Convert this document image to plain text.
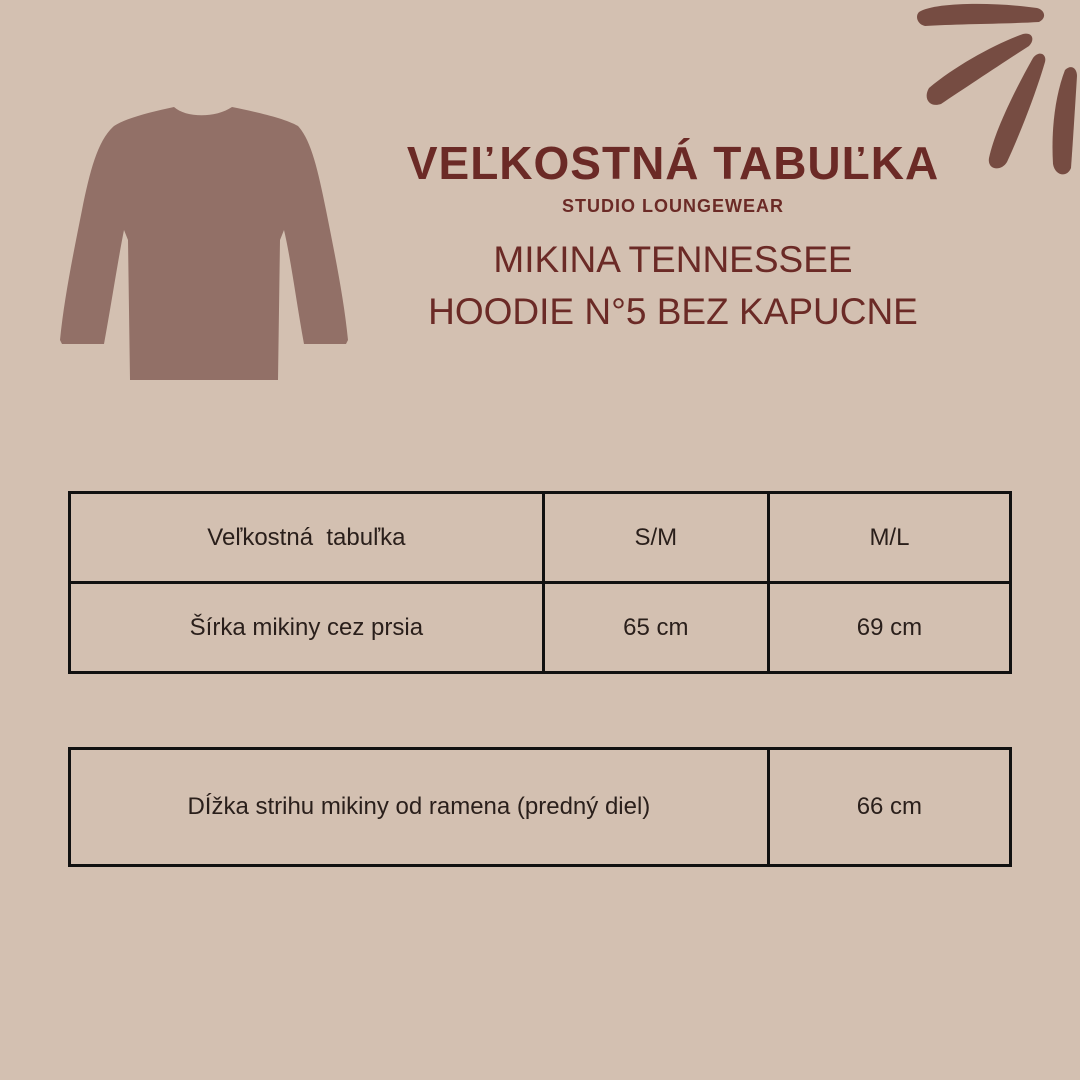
VEĽKOSTNÁ TABUĽKA
STUDIO LOUNGEWEAR
MIKINA TENNESSEE
HOODIE N°5 BEZ KAPUCNE
Veľkostná  tabuľka	S/M	M/L
Šírka mikiny cez prsia	65 cm	69 cm
DÍžka strihu mikiny od ramena (predný diel)	66 cm
